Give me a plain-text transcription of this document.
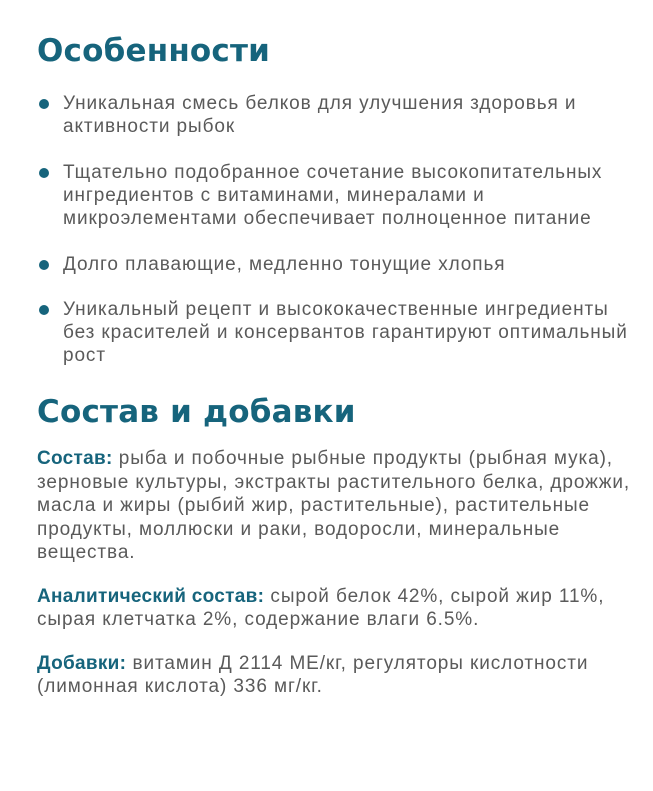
Особенности
Уникальная смесь белков для улучшения здоровья и активности рыбок
Тщательно подобранное сочетание высокопитательных ингредиентов с витаминами, минералами и микроэлементами обеспечивает полноценное питание
Долго плавающие, медленно тонущие хлопья
Уникальный рецепт и высококачественные ингредиенты без красителей и консервантов гарантируют оптимальный рост
Состав и добавки

Состав: рыба и побочные рыбные продукты (рыбная мука), зерновые культуры, экстракты растительного белка, дрожжи, масла и жиры (рыбий жир, растительные), растительные продукты, моллюски и раки, водоросли, минеральные вещества.

Аналитический состав: сырой белок 42%, сырой жир 11%, сырая клетчатка 2%, содержание влаги 6.5%.

Добавки: витамин Д 2114 МЕ/кг, регуляторы кислотности (лимонная кислота) 336 мг/кг.
